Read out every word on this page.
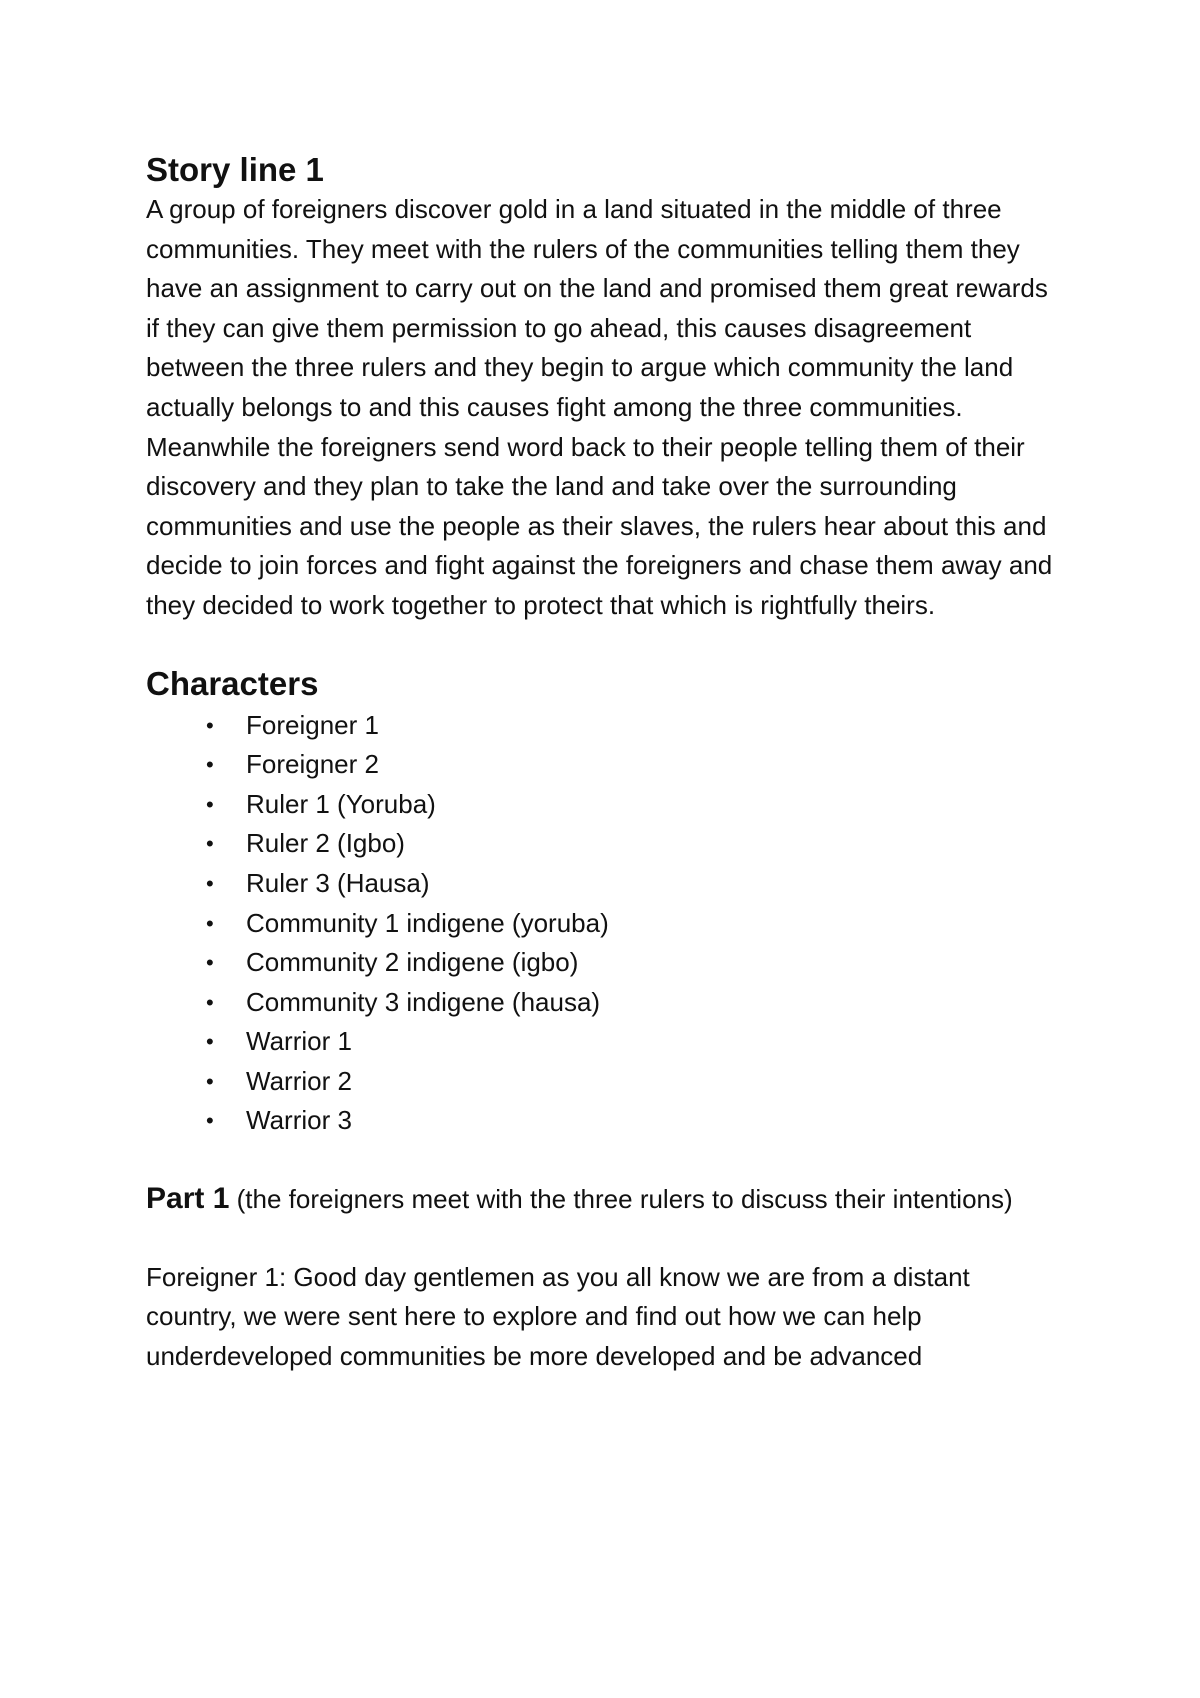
Story line 1

A group of foreigners discover gold in a land situated in the middle of three communities. They meet with the rulers of the communities telling them they have an assignment to carry out on the land and promised them great rewards if they can give them permission to go ahead, this causes disagreement between the three rulers and they begin to argue which community the land actually belongs to and this causes fight among the three communities. Meanwhile the foreigners send word back to their people telling them of their discovery and they plan to take the land and take over the surrounding communities and use the people as their slaves, the rulers hear about this and decide to join forces and fight against the foreigners and chase them away and they decided to work together to protect that which is rightfully theirs.

Characters
• Foreigner 1
• Foreigner 2
• Ruler 1 (Yoruba)
• Ruler 2 (Igbo)
• Ruler 3 (Hausa)
• Community 1 indigene (yoruba)
• Community 2 indigene (igbo)
• Community 3 indigene (hausa)
• Warrior 1
• Warrior 2
• Warrior 3

Part 1 (the foreigners meet with the three rulers to discuss their intentions)

Foreigner 1: Good day gentlemen as you all know we are from a distant country, we were sent here to explore and find out how we can help underdeveloped communities be more developed and be advanced
